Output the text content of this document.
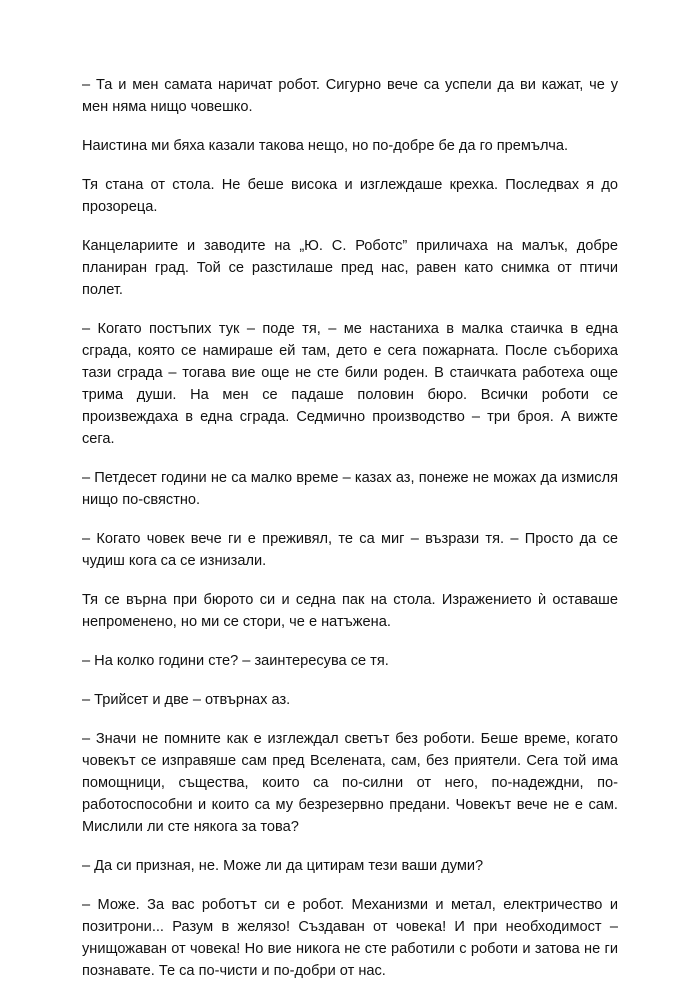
– Та и мен самата наричат робот. Сигурно вече са успели да ви кажат, че у мен няма нищо човешко.

Наистина ми бяха казали такова нещо, но по-добре бе да го премълча.

Тя стана от стола. Не беше висока и изглеждаше крехка. Последвах я до прозореца.

Канцелариите и заводите на „Ю. С. Роботс” приличаха на малък, добре планиран град. Той се разстилаше пред нас, равен като снимка от птичи полет.

– Когато постъпих тук – поде тя, – ме настаниха в малка стаичка в една сграда, която се намираше ей там, дето е сега пожарната. После събориха тази сграда – тогава вие още не сте били роден. В стаичката работеха още трима души. На мен се падаше половин бюро. Всички роботи се произвеждаха в една сграда. Седмично производство – три броя. А вижте сега.

– Петдесет години не са малко време – казах аз, понеже не можах да измисля нищо по-свястно.

– Когато човек вече ги е преживял, те са миг – възрази тя. – Просто да се чудиш кога са се изнизали.

Тя се върна при бюрото си и седна пак на стола. Изражението ѝ оставаше непроменено, но ми се стори, че е натъжена.

– На колко години сте? – заинтересува се тя.

– Трийсет и две – отвърнах аз.

– Значи не помните как е изглеждал светът без роботи. Беше време, когато човекът се изправяше сам пред Вселената, сам, без приятели. Сега той има помощници, същества, които са по-силни от него, по-надеждни, по-работоспособни и които са му безрезервно предани. Човекът вече не е сам. Мислили ли сте някога за това?

– Да си призная, не. Може ли да цитирам тези ваши думи?

– Може. За вас роботът си е робот. Механизми и метал, електричество и позитрони... Разум в желязо! Създаван от човека! И при необходимост – унищожаван от човека! Но вие никога не сте работили с роботи и затова не ги познавате. Те са по-чисти и по-добри от нас.
